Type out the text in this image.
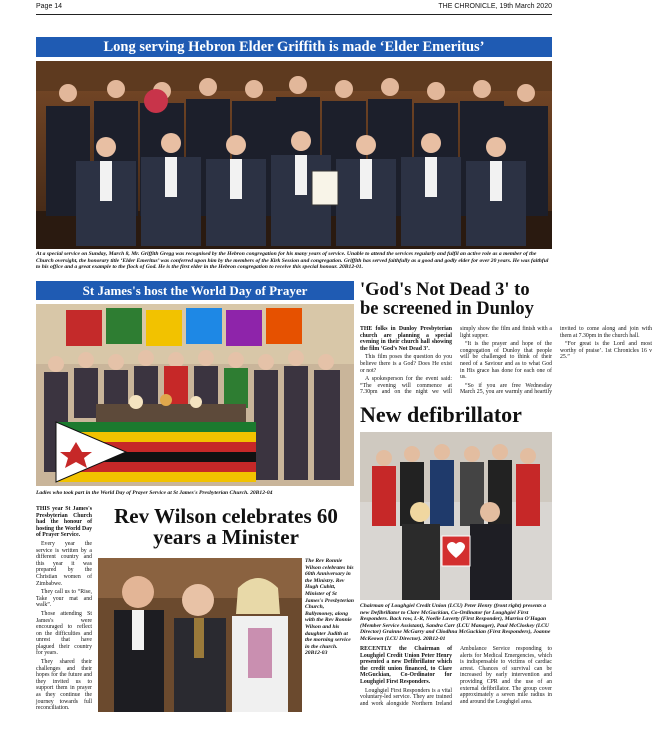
Page 14	THE CHRONICLE, 19th March 2020
Long serving Hebron Elder Griffith is made ‘Elder Emeritus’
At a special service on Sunday, March 8, Mr. Griffith Gregg was recognised by the Hebron congregation for his many years of service. Unable to attend the services regularly and fulfil an active role as a member of the Church oversight, the honorary title ‘Elder Emeritus’ was conferred upon him by the members of the Kirk Session and congregation. Griffith has served faithfully as a good and godly elder for over 20 years. He was faithful to his office and a great example to the flock of God. He is the first elder in the Hebron congregation to receive this special honour. 20B12-01.
St James's host the World Day of Prayer
Ladies who took part in the World Day of Prayer Service at St James's Presbyterian Church. 20B12-04

THIS year St James's Presbyterian Church had the honour of hosting the World Day of Prayer Service.

Every year the service is written by a different country and this year it was prepared by the Christian women of Zimbabwe.

They call us to “Rise, Take your mat and walk”.

Those attending St James's were encouraged to reflect on the difficulties and unrest that have plagued their country for years.

They shared their challenges and their hopes for the future and they invited us to support them in prayer as they continue the journey towards full reconciliation.

Rev Wilson celebrates 60 years a Minister
The Rev Ronnie Wilson celebrates his 60th Anniversary in the Ministry. Rev Hugh Cubitt, Minister of St James's Presbyterian Church, Ballymoney, along with the Rev Ronnie Wilson and his daughter Judith at the morning service in the church. 20B12-03
'God's Not Dead 3' to be screened in Dunloy

THE folks in Dunloy Presbyterian church are planning a special evening in their church hall showing the film ‘God’s Not Dead 3’.

This film poses the question do you believe there is a God? Does He exist or not?

A spokesperson for the event said: “The evening will commence at 7.30pm and on the night we will simply show the film and finish with a light supper.

“It is the prayer and hope of the congregation of Dunloy that people will be challenged to think of their need of a Saviour and as to what God in His grace has done for each one of us.

“So if you are free Wednesday March 25, you are warmly and heartily invited to come along and join with them at 7.30pm in the church hall.

“For great is the Lord and most worthy of praise’. 1st Chronicles 16 v 25.”

New defibrillator
Chairman of Loughgiel Credit Union (LCU) Peter Henry (front right) presents a new Defibrillator to Clare McGuckian, Co-Ordinator for Loughgiel First Responders. Back row, L-R, Noelle Laverty (First Responder), Marrisa O'Hagan (Member Service Assistant), Sandra Carr (LCU Manager), Paul McCloskey (LCU Director) Grainne McGarry and Cliodhna McGuckian (First Responders), Joanne McKeown (LCU Director). 20B12-01

RECENTLY the Chairman of Loughgiel Credit Union Peter Henry presented a new Defibrillator which the credit union financed, to Clare McGuckian, Co-Ordinator for Loughgiel First Responders.

Loughgiel First Responders is a vital voluntary-led service. They are trained and work alongside Northern Ireland Ambulance Service responding to alerts for Medical Emergencies, which is indispensable to victims of cardiac arrest. Chances of survival can be increased by early intervention and providing CPR and the use of an external defibrillator. The group cover approximately a seven mile radius in and around the Loughgiel area.
